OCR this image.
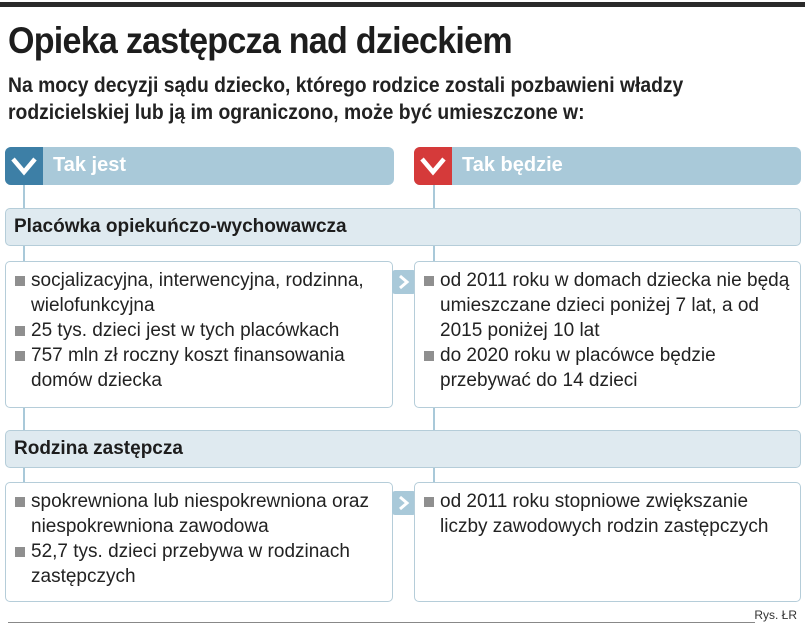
Opieka zastępcza nad dzieckiem
Na mocy decyzji sądu dziecko, którego rodzice zostali pozbawieni władzy rodzicielskiej lub ją im ograniczono, może być umieszczone w:
Tak jest	Tak będzie
Placówka opiekuńczo-wychowawcza
socjalizacyjna, interwencyjna, rodzinna, wielofunkcyjna
25 tys. dzieci jest w tych placówkach
757 mln zł roczny koszt finansowania domów dziecka
od 2011 roku w domach dziecka nie będą umieszczane dzieci poniżej 7 lat, a od 2015 poniżej 10 lat
do 2020 roku w placówce będzie przebywać do 14 dzieci
Rodzina zastępcza
spokrewniona lub niespokrewniona oraz niespokrewniona zawodowa
52,7 tys. dzieci przebywa w rodzinach zastępczych
od 2011 roku stopniowe zwiększanie liczby zawodowych rodzin zastępczych
Rys. ŁR
